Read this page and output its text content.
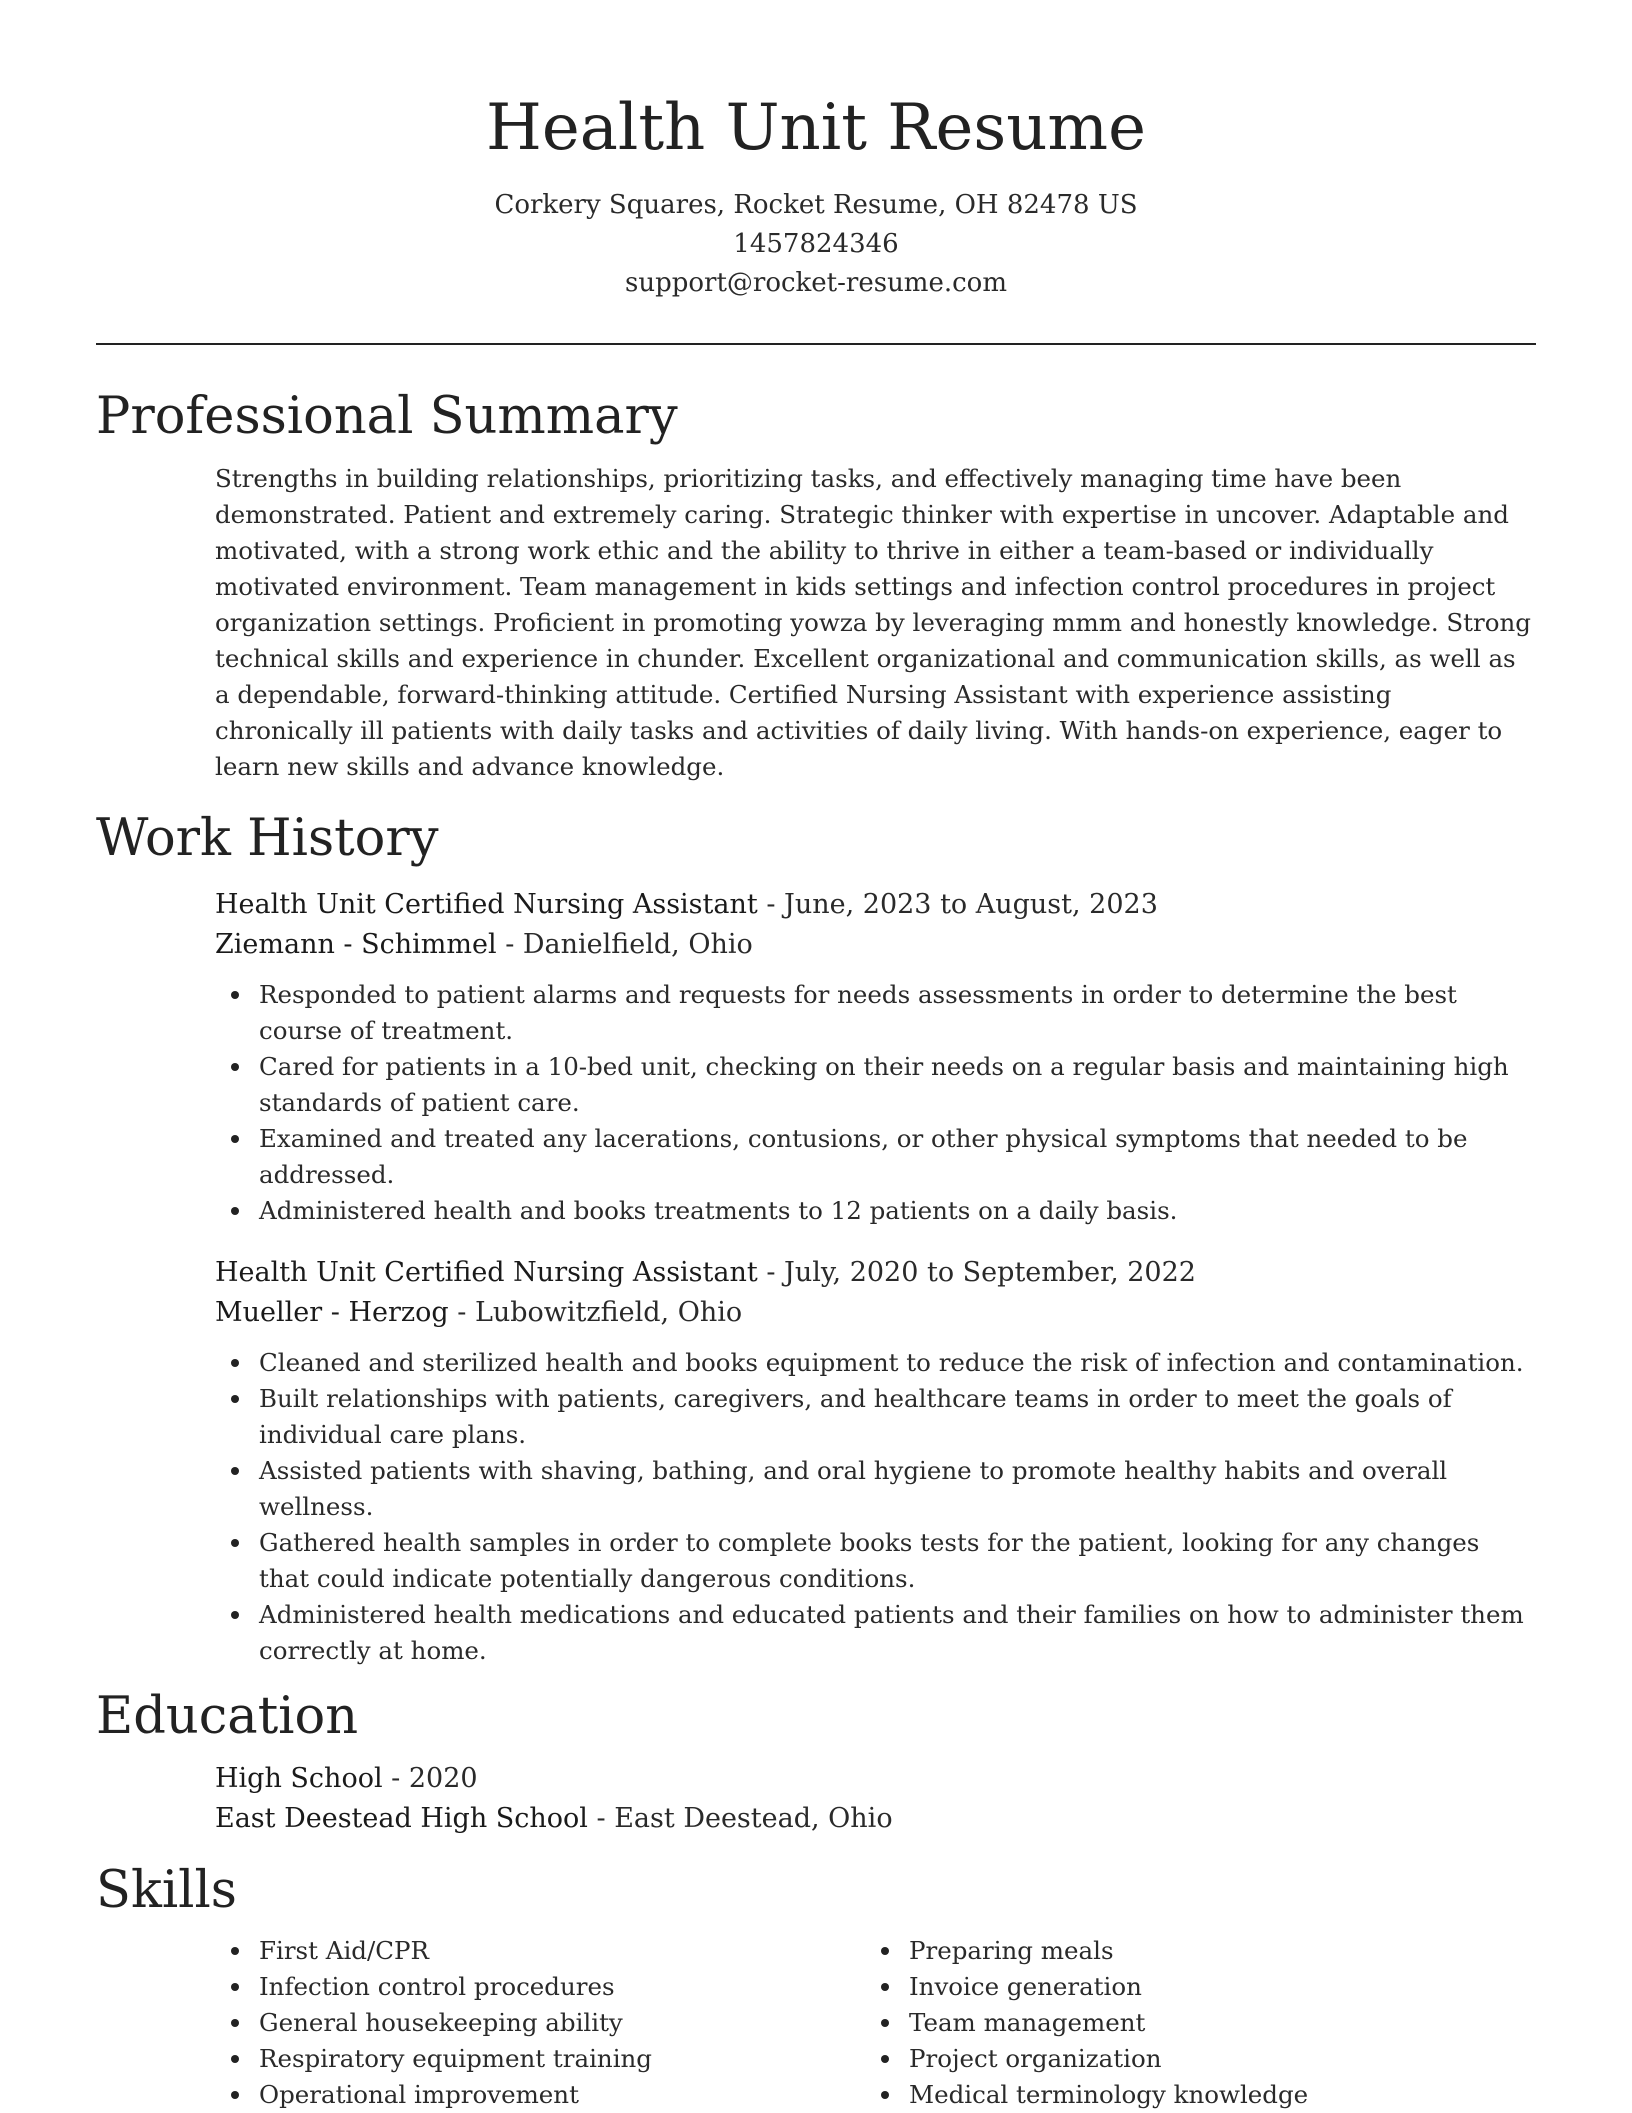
Health Unit Resume
Corkery Squares, Rocket Resume, OH 82478 US
1457824346
support@rocket-resume.com
Professional Summary

Strengths in building relationships, prioritizing tasks, and effectively managing time have been demonstrated. Patient and extremely caring. Strategic thinker with expertise in uncover. Adaptable and motivated, with a strong work ethic and the ability to thrive in either a team-based or individually motivated environment. Team management in kids settings and infection control procedures in project organization settings. Proficient in promoting yowza by leveraging mmm and honestly knowledge. Strong technical skills and experience in chunder. Excellent organizational and communication skills, as well as a dependable, forward-thinking attitude. Certified Nursing Assistant with experience assisting chronically ill patients with daily tasks and activities of daily living. With hands-on experience, eager to learn new skills and advance knowledge.

Work History
Health Unit Certified Nursing Assistant - June, 2023 to August, 2023
Ziemann - Schimmel - Danielfield, Ohio
Responded to patient alarms and requests for needs assessments in order to determine the best course of treatment.
Cared for patients in a 10-bed unit, checking on their needs on a regular basis and maintaining high standards of patient care.
Examined and treated any lacerations, contusions, or other physical symptoms that needed to be addressed.
Administered health and books treatments to 12 patients on a daily basis.
Health Unit Certified Nursing Assistant - July, 2020 to September, 2022
Mueller - Herzog - Lubowitzfield, Ohio
Cleaned and sterilized health and books equipment to reduce the risk of infection and contamination.
Built relationships with patients, caregivers, and healthcare teams in order to meet the goals of individual care plans.
Assisted patients with shaving, bathing, and oral hygiene to promote healthy habits and overall wellness.
Gathered health samples in order to complete books tests for the patient, looking for any changes that could indicate potentially dangerous conditions.
Administered health medications and educated patients and their families on how to administer them correctly at home.
Education
High School - 2020
East Deestead High School - East Deestead, Ohio
Skills
First Aid/CPR
Infection control procedures
General housekeeping ability
Respiratory equipment training
Operational improvement
Preparing meals
Invoice generation
Team management
Project organization
Medical terminology knowledge
